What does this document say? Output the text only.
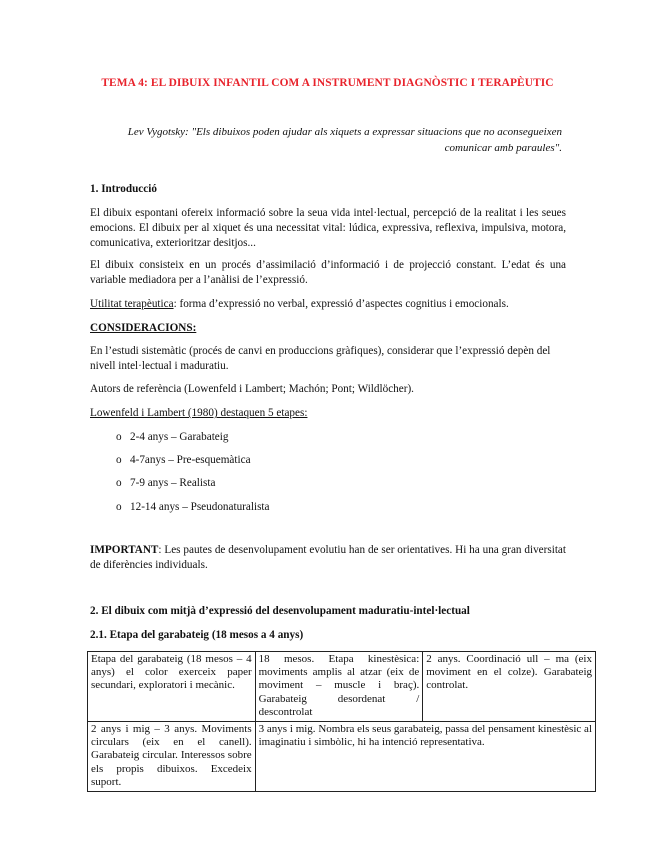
TEMA 4: EL DIBUIX INFANTIL COM A INSTRUMENT DIAGNÒSTIC I TERAPÈUTIC
Lev Vygotsky: "Els dibuixos poden ajudar als xiquets a expressar situacions que no aconsegueixen
comunicar amb paraules".
1. Introducció
El dibuix espontani ofereix informació sobre la seua vida intel·lectual, percepció de la realitat i les seues emocions. El dibuix per al xiquet és una necessitat vital: lúdica, expressiva, reflexiva, impulsiva, motora, comunicativa, exterioritzar desitjos...
El dibuix consisteix en un procés d’assimilació d’informació i de projecció constant. L’edat és una variable mediadora per a l’anàlisi de l’expressió.
Utilitat terapèutica: forma d’expressió no verbal, expressió d’aspectes cognitius i emocionals.
CONSIDERACIONS:
En l’estudi sistemàtic (procés de canvi en produccions gràfiques), considerar que l’expressió depèn del nivell intel·lectual i maduratiu.
Autors de referència (Lowenfeld i Lambert; Machón; Pont; Wildlöcher).
Lowenfeld i Lambert (1980) destaquen 5 etapes:
o 2-4 anys – Garabateig
o 4-7anys – Pre-esquemàtica
o 7-9 anys – Realista
o 12-14 anys – Pseudonaturalista
IMPORTANT: Les pautes de desenvolupament evolutiu han de ser orientatives. Hi ha una gran diversitat de diferències individuals.
2. El dibuix com mitjà d’expressió del desenvolupament maduratiu-intel·lectual
2.1. Etapa del garabateig (18 mesos a 4 anys)
Etapa del garabateig (18 mesos – 4 anys) el color exerceix paper secundari, exploratori i mecànic.	18 mesos. Etapa kinestèsica: moviments amplis al atzar (eix de moviment – muscle i braç). Garabateig desordenat / descontrolat	2 anys. Coordinació ull – ma (eix moviment en el colze). Garabateig controlat.
2 anys i mig – 3 anys. Moviments circulars (eix en el canell). Garabateig circular. Interessos sobre els propis dibuixos. Excedeix suport.	3 anys i mig. Nombra els seus garabateig, passa del pensament kinestèsic al imaginatiu i simbòlic, hi ha intenció representativa.	
